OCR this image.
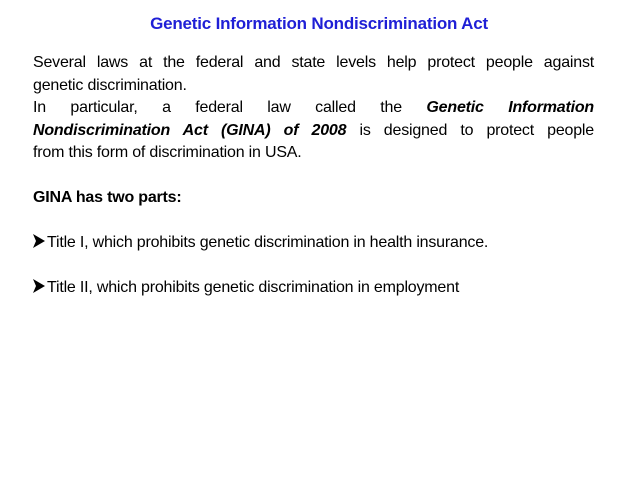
Genetic Information Nondiscrimination Act

Several laws at the federal and state levels help protect people against

genetic discrimination.

In particular, a federal law called the Genetic Information

Nondiscrimination Act (GINA) of 2008 is designed to protect people

from this form of discrimination in USA.

GINA has two parts:

Title I, which prohibits genetic discrimination in health insurance.

Title II, which prohibits genetic discrimination in employment
